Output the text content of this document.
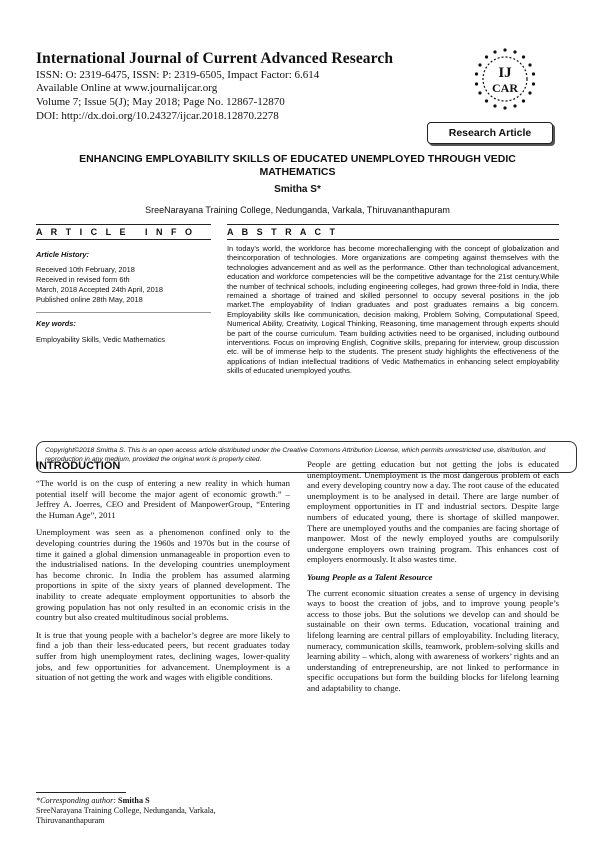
International Journal of Current Advanced Research
ISSN: O: 2319-6475, ISSN: P: 2319-6505, Impact Factor: 6.614
Available Online at www.journalijcar.org
Volume 7; Issue 5(J); May 2018; Page No. 12867-12870
DOI: http://dx.doi.org/10.24327/ijcar.2018.12870.2278
IJ
CAR
Research Article
ENHANCING EMPLOYABILITY SKILLS OF EDUCATED UNEMPLOYED THROUGH VEDIC
MATHEMATICS
Smitha S*
SreeNarayana Training College, Nedunganda, Varkala, Thiruvananthapuram
A R T I C L E   I N F O	A B S T R A C T
Article History:
Received 10th February, 2018
Received in revised form 6th
March, 2018 Accepted 24th April, 2018
Published online 28th May, 2018
Key words:
Employability Skills, Vedic Mathematics
In today’s world, the workforce has become morechallenging with the concept of globalization and theincorporation of technologies. More organizations are competing against themselves with the technologies advancement and as well as the performance. Other than technological advancement, education and workforce competencies will be the competitive advantage for the 21st century.While the number of technical schools, including engineering colleges, had grown three-fold in India, there remained a shortage of trained and skilled personnel to occupy several positions in the job market.The employability of Indian graduates and post graduates remains a big concern. Employability skills like communication, decision making, Problem Solving, Computational Speed, Numerical Ability, Creativity, Logical Thinking, Reasoning, time management through experts should be part of the course curriculum. Team building activities need to be organised, including outbound interventions. Focus on improving English, Cognitive skills, preparing for interview, group discussion etc. will be of immense help to the students. The present study highlights the effectiveness of the applications of Indian intellectual traditions of Vedic Mathematics in enhancing select employability skills of educated unemployed youths.
Copyright©2018 Smitha S. This is an open access article distributed under the Creative Commons Attribution License, which permits unrestricted use, distribution, and reproduction in any medium, provided the original work is properly cited.
INTRODUCTION

“The world is on the cusp of entering a new reality in which human potential itself will become the major agent of economic growth.” – Jeffrey A. Joerres, CEO and President of ManpowerGroup, “Entering the Human Age”, 2011

Unemployment was seen as a phenomenon confined only to the developing countries during the 1960s and 1970s but in the course of time it gained a global dimension unmanageable in proportion even to the industrialised nations. In the developing countries unemployment has become chronic. In India the problem has assumed alarming proportions in spite of the sixty years of planned development. The inability to create adequate employment opportunities to absorb the growing population has not only resulted in an economic crisis in the country but also created multitudinous social problems.

It is true that young people with a bachelor’s degree are more likely to find a job than their less-educated peers, but recent graduates today suffer from high unemployment rates, declining wages, lower-quality jobs, and few opportunities for advancement. Unemployment is a situation of not getting the work and wages with eligible conditions.

*Corresponding author: Smitha S
SreeNarayana Training College, Nedunganda, Varkala,
Thiruvananthapuram

People are getting education but not getting the jobs is educated unemployment. Unemployment is the most dangerous problem of each and every developing country now a day. The root cause of the educated unemployment is to be analysed in detail. There are large number of employment opportunities in IT and industrial sectors. Despite large numbers of educated young, there is shortage of skilled manpower. There are unemployed youths and the companies are facing shortage of manpower. Most of the newly employed youths are compulsorily undergone employers own training program. This enhances cost of employers enormously. It also wastes time.

Young People as a Talent Resource

The current economic situation creates a sense of urgency in devising ways to boost the creation of jobs, and to improve young people’s access to those jobs. But the solutions we develop can and should be sustainable on their own terms. Education, vocational training and lifelong learning are central pillars of employability. Including literacy, numeracy, communication skills, teamwork, problem-solving skills and learning ability – which, along with awareness of workers’ rights and an understanding of entrepreneurship, are not linked to performance in specific occupations but form the building blocks for lifelong learning and adaptability to change.
